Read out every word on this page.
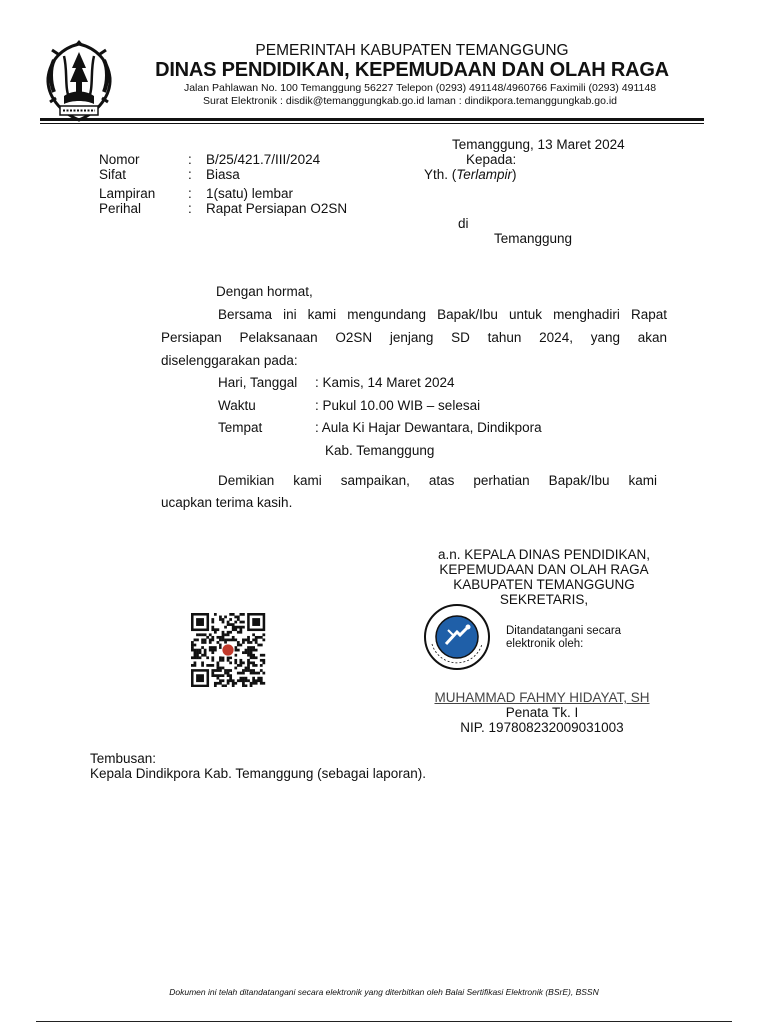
PEMERINTAH KABUPATEN TEMANGGUNG
DINAS PENDIDIKAN, KEPEMUDAAN DAN OLAH RAGA
Jalan Pahlawan No. 100 Temanggung 56227 Telepon (0293) 491148/4960766 Faximili (0293) 491148
Surat Elektronik : disdik@temanggungkab.go.id laman : dindikpora.temanggungkab.go.id
Temanggung, 13 Maret 2024
Nomor	: B/25/421.7/III/2024
Sifat	: Biasa
Lampiran : 1(satu) lembar
Perihal	: Rapat Persiapan O2SN
Kepada:
Yth. (Terlampir)
di
Temanggung
Dengan hormat,
Bersama ini kami mengundang Bapak/Ibu untuk menghadiri Rapat
Persiapan Pelaksanaan O2SN jenjang SD tahun 2024, yang akan
diselenggarakan pada:
Hari, Tanggal : Kamis, 14 Maret 2024
Waktu	: Pukul 10.00 WIB – selesai
Tempat	: Aula Ki Hajar Dewantara, Dindikpora
Kab. Temanggung
Demikian kami sampaikan, atas perhatian Bapak/Ibu kami
ucapkan terima kasih.
a.n. KEPALA DINAS PENDIDIKAN,
KEPEMUDAAN DAN OLAH RAGA
KABUPATEN TEMANGGUNG
SEKRETARIS,
Ditandatangani secara
elektronik oleh:
MUHAMMAD FAHMY HIDAYAT, SH
Penata Tk. I
NIP. 197808232009031003
Tembusan:
Kepala Dindikpora Kab. Temanggung (sebagai laporan).
Dokumen ini telah ditandatangani secara elektronik yang diterbitkan oleh Balai Sertifikasi Elektronik (BSrE), BSSN
